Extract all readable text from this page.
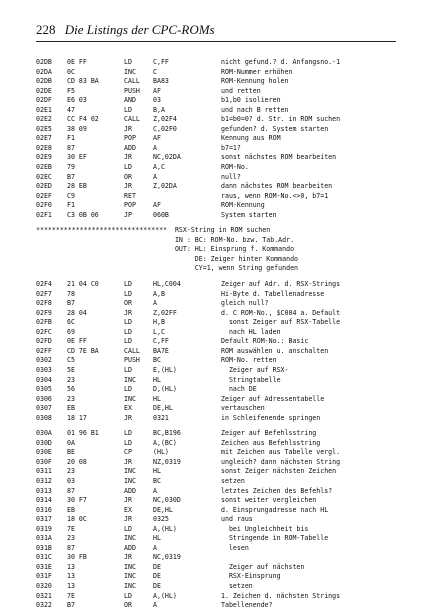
228 Die Listings der CPC-ROMs
02DB 0E FF	LD	C,FF	nicht gefund.? d. Anfangsno.-1
02DA 0C	INC	C	ROM-Nummer erhöhen
02DB CD 83 BA	CALL BA83	ROM-Kennung holen
02DE F5	PUSH AF	und retten
02DF E6 03	AND	03	b1,b0 isolieren
02E1 47	LD	B,A	und nach B retten
02E2 CC F4 02	CALL Z,02F4	b1=b0=0? d. Str. in ROM suchen
02E5 38 09	JR	C,02F0	gefunden? d. System starten
02E7 F1	POP	AF	Kennung aus ROM
02E8 87	ADD	A	b7=1?
02E9 30 EF	JR	NC,02DA	sonst nächstes ROM bearbeiten
02EB 79	LD	A,C	ROM-No.
02EC B7	OR	A	null?
02ED 28 EB	JR	Z,02DA	dann nächstes ROM bearbeiten
02EF C9	RET	raus, wenn ROM-No.<>0, b7=1
02F0 F1	POP	AF	ROM-Kennung
02F1 C3 0B 06	JP	060B	System starten
*********************************  RSX-String in ROM suchen
IN : BC: ROM-No. bzw. Tab.Adr.
OUT: HL: Einsprung f. Kommando
DE: Zeiger hinter Kommando
CY=1, wenn String gefunden
02F4 21 04 C0	LD	HL,C004	Zeiger auf Adr. d. RSX-Strings
02F7 78	LD	A,B	Hi-Byte d. Tabellenadresse
02F8 B7	OR	A	gleich null?
02F9 28 04	JR	Z,02FF	d. C ROM-No., $C004 a. Default
02FB 6C	LD	H,B	sonst Zeiger auf RSX-Tabelle
02FC 69	LD	L,C	nach HL laden
02FD 0E FF	LD	C,FF	Default ROM-No.: Basic
02FF CD 7E BA	CALL BA7E	ROM auswählen u. anschalten
0302 C5	PUSH BC	ROM-No. retten
0303 5E	LD	E,(HL)	Zeiger auf RSX-
0304 23	INC	HL	Stringtabelle
0305 56	LD	D,(HL)	nach DE
0306 23	INC	HL	Zeiger auf Adressentabelle
0307 EB	EX	DE,HL	vertauschen
0308 18 17	JR	0321	in Schleifenende springen
030A 01 96 B1	LD	BC,B196	Zeiger auf Befehlsstring
030D 0A	LD	A,(BC)	Zeichen aus Befehlsstring
030E BE	CP	(HL)	mit Zeichen aus Tabelle vergl.
030F 20 08	JR	NZ,0319	ungleich? dann nächsten String
0311 23	INC	HL	sonst Zeiger nächsten Zeichen
0312 03	INC	BC	setzen
0313 87	ADD	A	letztes Zeichen des Befehls?
0314 30 F7	JR	NC,030D	sonst weiter vergleichen
0316 EB	EX	DE,HL	d. Einsprungadresse nach HL
0317 18 0C	JR	0325	und raus
0319 7E	LD	A,(HL)	bei Ungleichheit bis
031A 23	INC	HL	Stringende in ROM-Tabelle
031B 87	ADD	A	lesen
031C 30 FB	JR	NC,0319
031E 13	INC	DE	Zeiger auf nächsten
031F 13	INC	DE	RSX-Einsprung
0320 13	INC	DE	setzen
0321 7E	LD	A,(HL)	1. Zeichen d. nächsten Strings
0322 B7	OR	A	Tabellenende?
